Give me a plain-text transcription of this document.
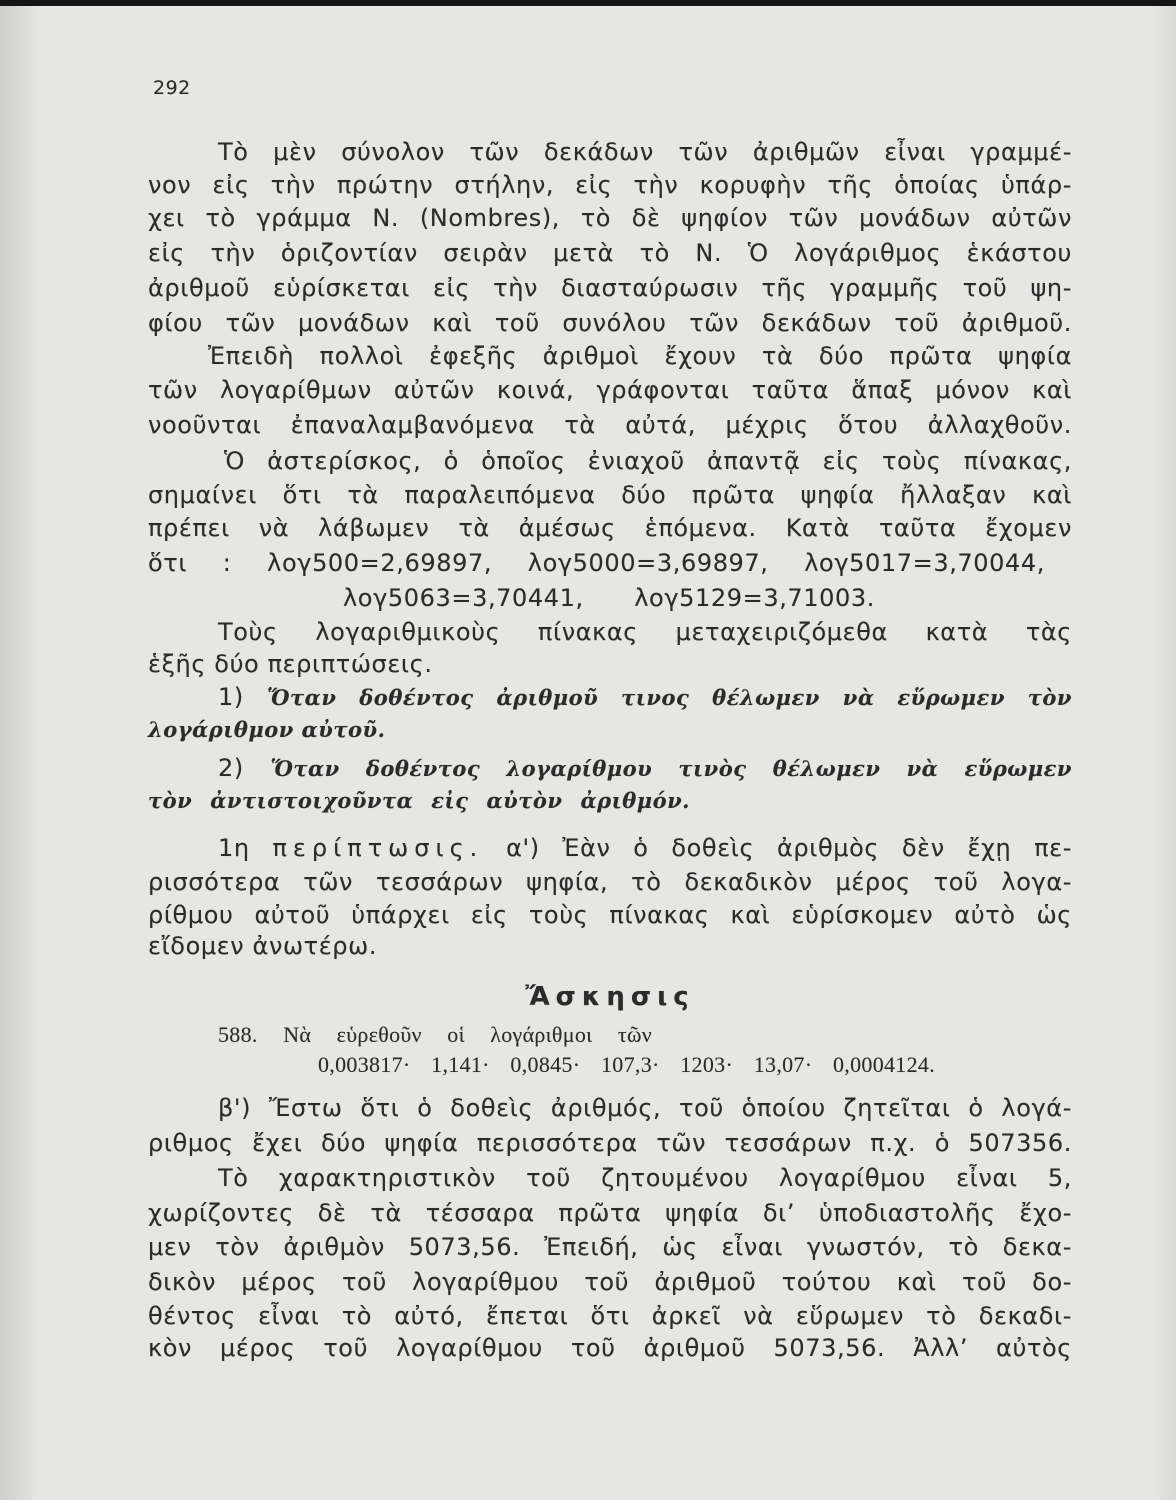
292
Τὸ μὲν σύνολον τῶν δεκάδων τῶν ἀριθμῶν εἶναι γραμμέ-
νον εἰς τὴν πρώτην στήλην, εἰς τὴν κορυφὴν τῆς ὁποίας ὑπάρ-
χει τὸ γράμμα Ν. (Nombres), τὸ δὲ ψηφίον τῶν μονάδων αὐτῶν
εἰς τὴν ὁριζοντίαν σειρὰν μετὰ τὸ Ν. Ὁ λογάριθμος ἑκάστου
ἀριθμοῦ εὑρίσκεται εἰς τὴν διασταύρωσιν τῆς γραμμῆς τοῦ ψη-
φίου τῶν μονάδων καὶ τοῦ συνόλου τῶν δεκάδων τοῦ ἀριθμοῦ.
Ἐπειδὴ πολλοὶ ἐφεξῆς ἀριθμοὶ ἔχουν τὰ δύο πρῶτα ψηφία
τῶν λογαρίθμων αὐτῶν κοινά, γράφονται ταῦτα ἅπαξ μόνον καὶ
νοοῦνται ἐπαναλαμβανόμενα τὰ αὐτά, μέχρις ὅτου ἀλλαχθοῦν.
Ὁ ἀστερίσκος, ὁ ὁποῖος ἐνιαχοῦ ἀπαντᾷ εἰς τοὺς πίνακας,
σημαίνει ὅτι τὰ παραλειπόμενα δύο πρῶτα ψηφία ἤλλαξαν καὶ
πρέπει νὰ λάβωμεν τὰ ἀμέσως ἑπόμενα. Κατὰ ταῦτα ἔχομεν
ὅτι : λογ500=2,69897, λογ5000=3,69897, λογ5017=3,70044,
λογ5063=3,70441, λογ5129=3,71003.
Τοὺς λογαριθμικοὺς πίνακας μεταχειριζόμεθα κατὰ τὰς
ἑξῆς δύο περιπτώσεις.
1) Ὅταν δοθέντος ἀριθμοῦ τινος θέλωμεν νὰ εὕρωμεν τὸν
λογάριθμον αὐτοῦ.
2) Ὅταν δοθέντος λογαρίθμου τινὸς θέλωμεν νὰ εὕρωμεν
τὸν ἀντιστοιχοῦντα εἰς αὐτὸν ἀριθμόν.
1η περίπτωσις. α') Ἐὰν ὁ δοθεὶς ἀριθμὸς δὲν ἔχῃ πε-
ρισσότερα τῶν τεσσάρων ψηφία, τὸ δεκαδικὸν μέρος τοῦ λογα-
ρίθμου αὐτοῦ ὑπάρχει εἰς τοὺς πίνακας καὶ εὑρίσκομεν αὐτὸ ὡς
εἴδομεν ἀνωτέρω.
Ἄσκησις
588. Νὰ εὑρεθοῦν οἱ λογάριθμοι τῶν
0,003817· 1,141· 0,0845· 107,3· 1203· 13,07· 0,0004124.
β') Ἔστω ὅτι ὁ δοθεὶς ἀριθμός, τοῦ ὁποίου ζητεῖται ὁ λογά-
ριθμος ἔχει δύο ψηφία περισσότερα τῶν τεσσάρων π.χ. ὁ 507356.
Τὸ χαρακτηριστικὸν τοῦ ζητουμένου λογαρίθμου εἶναι 5,
χωρίζοντες δὲ τὰ τέσσαρα πρῶτα ψηφία δι’ ὑποδιαστολῆς ἔχο-
μεν τὸν ἀριθμὸν 5073,56. Ἐπειδή, ὡς εἶναι γνωστόν, τὸ δεκα-
δικὸν μέρος τοῦ λογαρίθμου τοῦ ἀριθμοῦ τούτου καὶ τοῦ δο-
θέντος εἶναι τὸ αὐτό, ἔπεται ὅτι ἀρκεῖ νὰ εὕρωμεν τὸ δεκαδι-
κὸν μέρος τοῦ λογαρίθμου τοῦ ἀριθμοῦ 5073,56. Ἀλλ’ αὐτὸς
